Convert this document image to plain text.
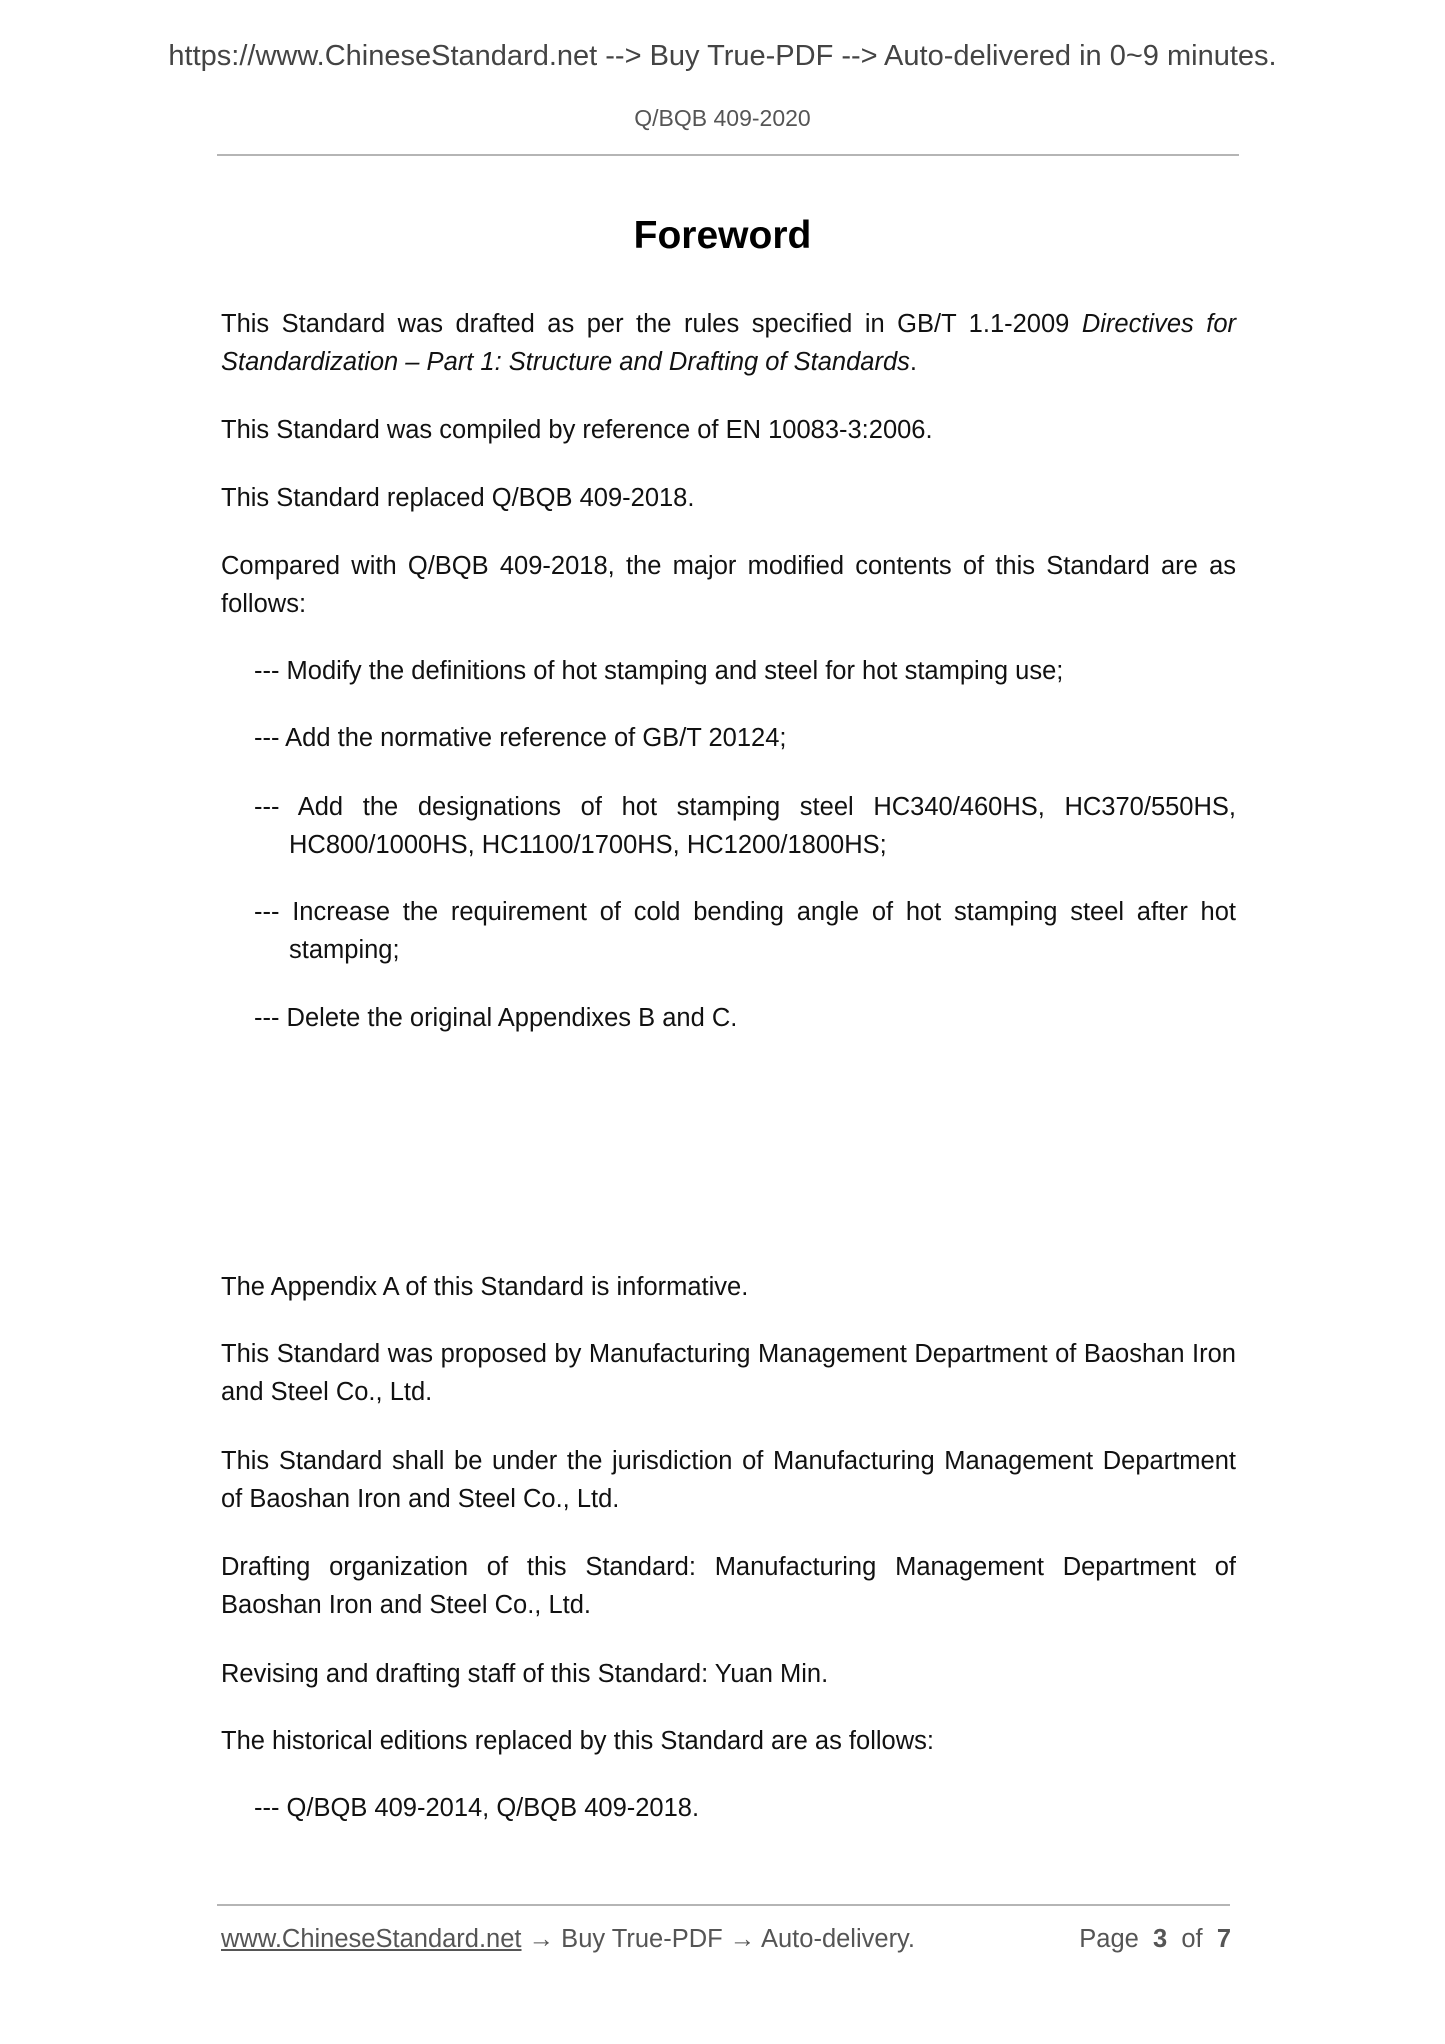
https://www.ChineseStandard.net --> Buy True-PDF --> Auto-delivered in 0~9 minutes.
Q/BQB 409-2020
Foreword
This Standard was drafted as per the rules specified in GB/T 1.1-2009 Directives for Standardization – Part 1: Structure and Drafting of Standards.
This Standard was compiled by reference of EN 10083-3:2006.
This Standard replaced Q/BQB 409-2018.
Compared with Q/BQB 409-2018, the major modified contents of this Standard are as follows:
--- Modify the definitions of hot stamping and steel for hot stamping use;
--- Add the normative reference of GB/T 20124;
--- Add the designations of hot stamping steel HC340/460HS, HC370/550HS, HC800/1000HS, HC1100/1700HS, HC1200/1800HS;
--- Increase the requirement of cold bending angle of hot stamping steel after hot stamping;
--- Delete the original Appendixes B and C.
The Appendix A of this Standard is informative.
This Standard was proposed by Manufacturing Management Department of Baoshan Iron and Steel Co., Ltd.
This Standard shall be under the jurisdiction of Manufacturing Management Department of Baoshan Iron and Steel Co., Ltd.
Drafting organization of this Standard: Manufacturing Management Department of Baoshan Iron and Steel Co., Ltd.
Revising and drafting staff of this Standard: Yuan Min.
The historical editions replaced by this Standard are as follows:
--- Q/BQB 409-2014, Q/BQB 409-2018.
www.ChineseStandard.net → Buy True-PDF → Auto-delivery.	Page 3 of 7
